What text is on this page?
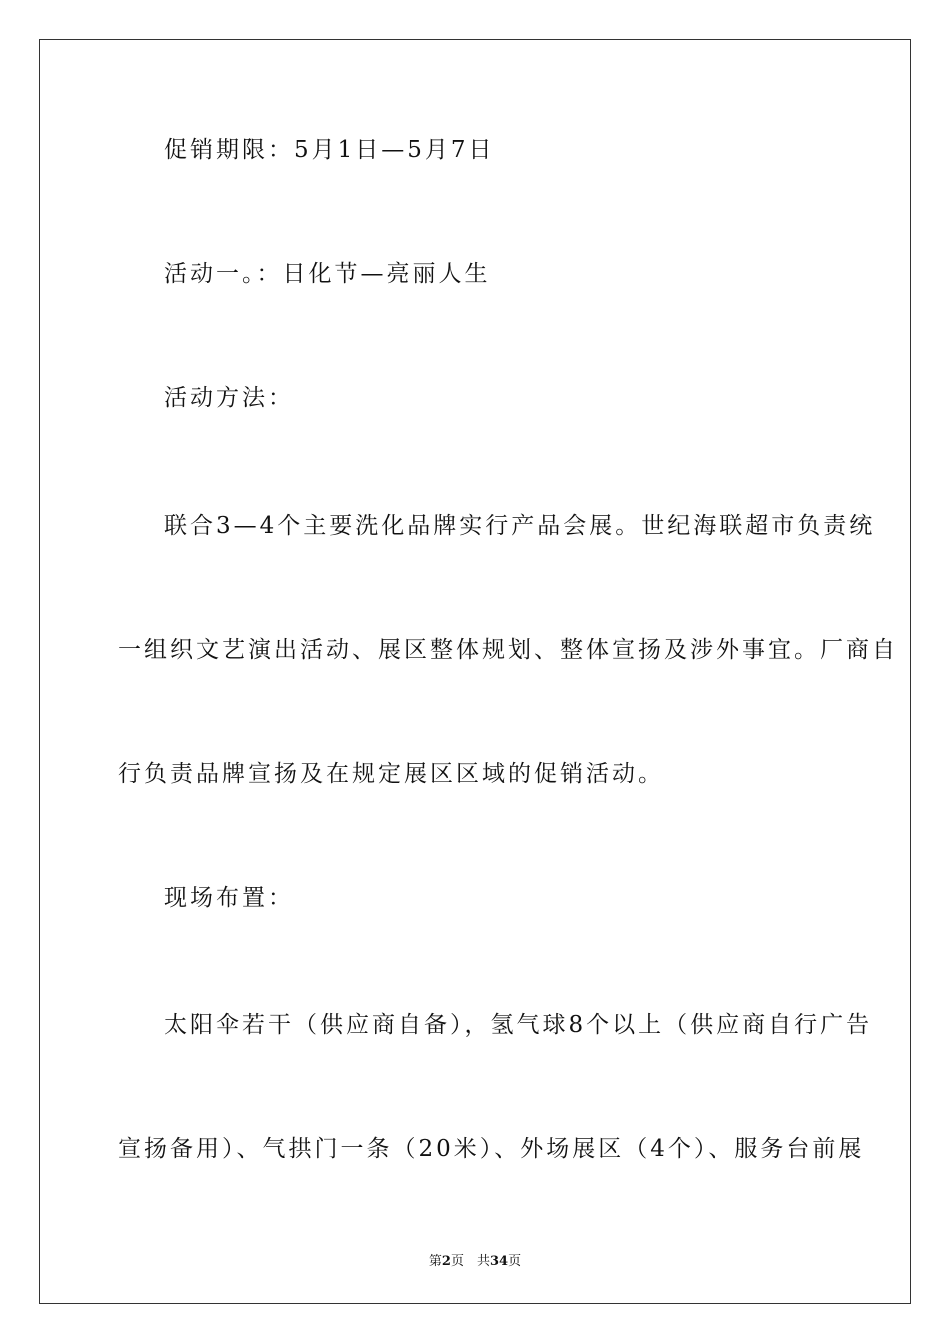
促销期限：5月1日—5月7日
活动一。：日化节—亮丽人生
活动方法：
联合3—4个主要洗化品牌实行产品会展。世纪海联超市负责统
一组织文艺演出活动、展区整体规划、整体宣扬及涉外事宜。厂商自
行负责品牌宣扬及在规定展区区域的促销活动。
现场布置：
太阳伞若干（供应商自备），氢气球8个以上（供应商自行广告
宣扬备用）、气拱门一条（20米）、外场展区（4个）、服务台前展
第2页　共34页
